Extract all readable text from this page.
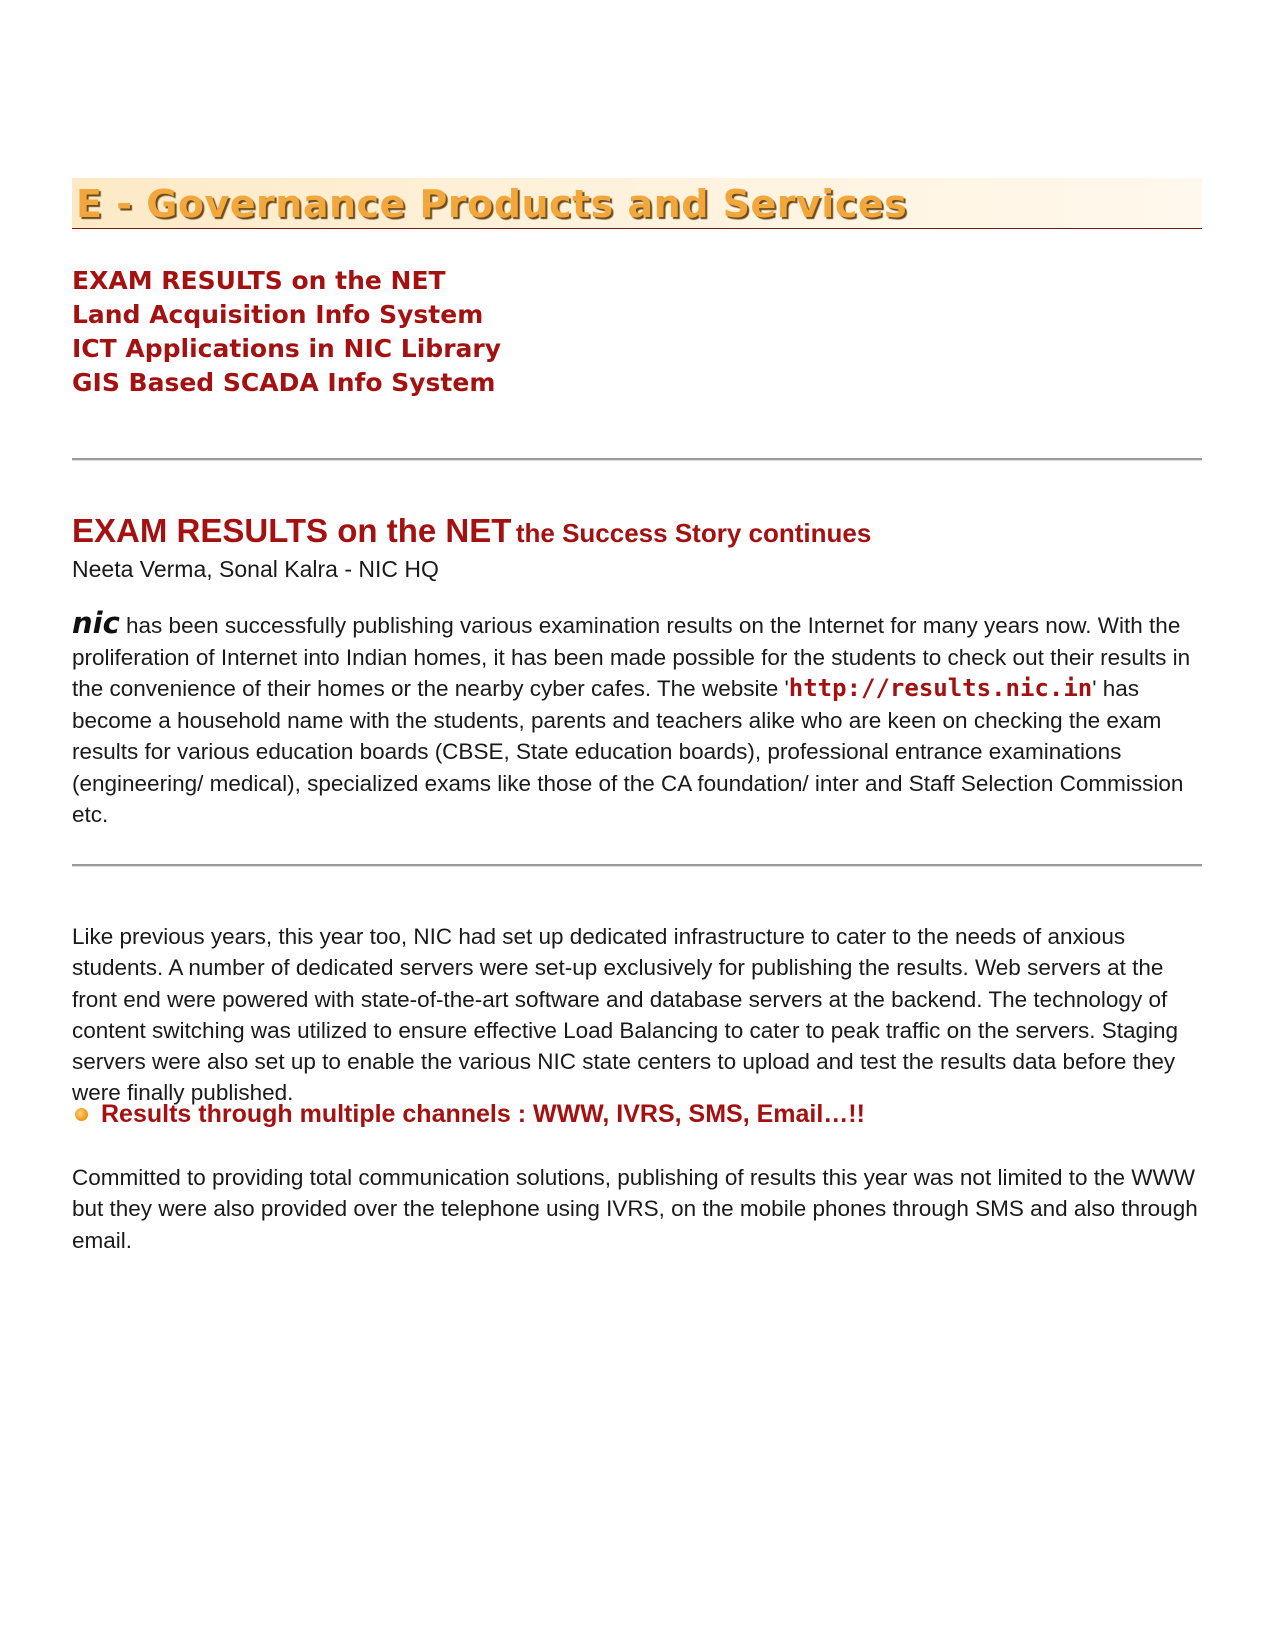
E - Governance Products and Services
EXAM RESULTS on the NET
Land Acquisition Info System
ICT Applications in NIC Library
GIS Based SCADA Info System
EXAM RESULTS on the NET the Success Story continues
Neeta Verma, Sonal Kalra - NIC HQ

nic has been successfully publishing various examination results on the Internet for many years now. With the proliferation of Internet into Indian homes, it has been made possible for the students to check out their results in the convenience of their homes or the nearby cyber cafes. The website 'http://results.nic.in' has become a household name with the students, parents and teachers alike who are keen on checking the exam results for various education boards (CBSE, State education boards), professional entrance examinations (engineering/ medical), specialized exams like those of the CA foundation/ inter and Staff Selection Commission etc.

Like previous years, this year too, NIC had set up dedicated infrastructure to cater to the needs of anxious students. A number of dedicated servers were set-up exclusively for publishing the results. Web servers at the front end were powered with state-of-the-art software and database servers at the backend. The technology of content switching was utilized to ensure effective Load Balancing to cater to peak traffic on the servers. Staging servers were also set up to enable the various NIC state centers to upload and test the results data before they were finally published.

Results through multiple channels : WWW, IVRS, SMS, Email…!!

Committed to providing total communication solutions, publishing of results this year was not limited to the WWW but they were also provided over the telephone using IVRS, on the mobile phones through SMS and also through email.
